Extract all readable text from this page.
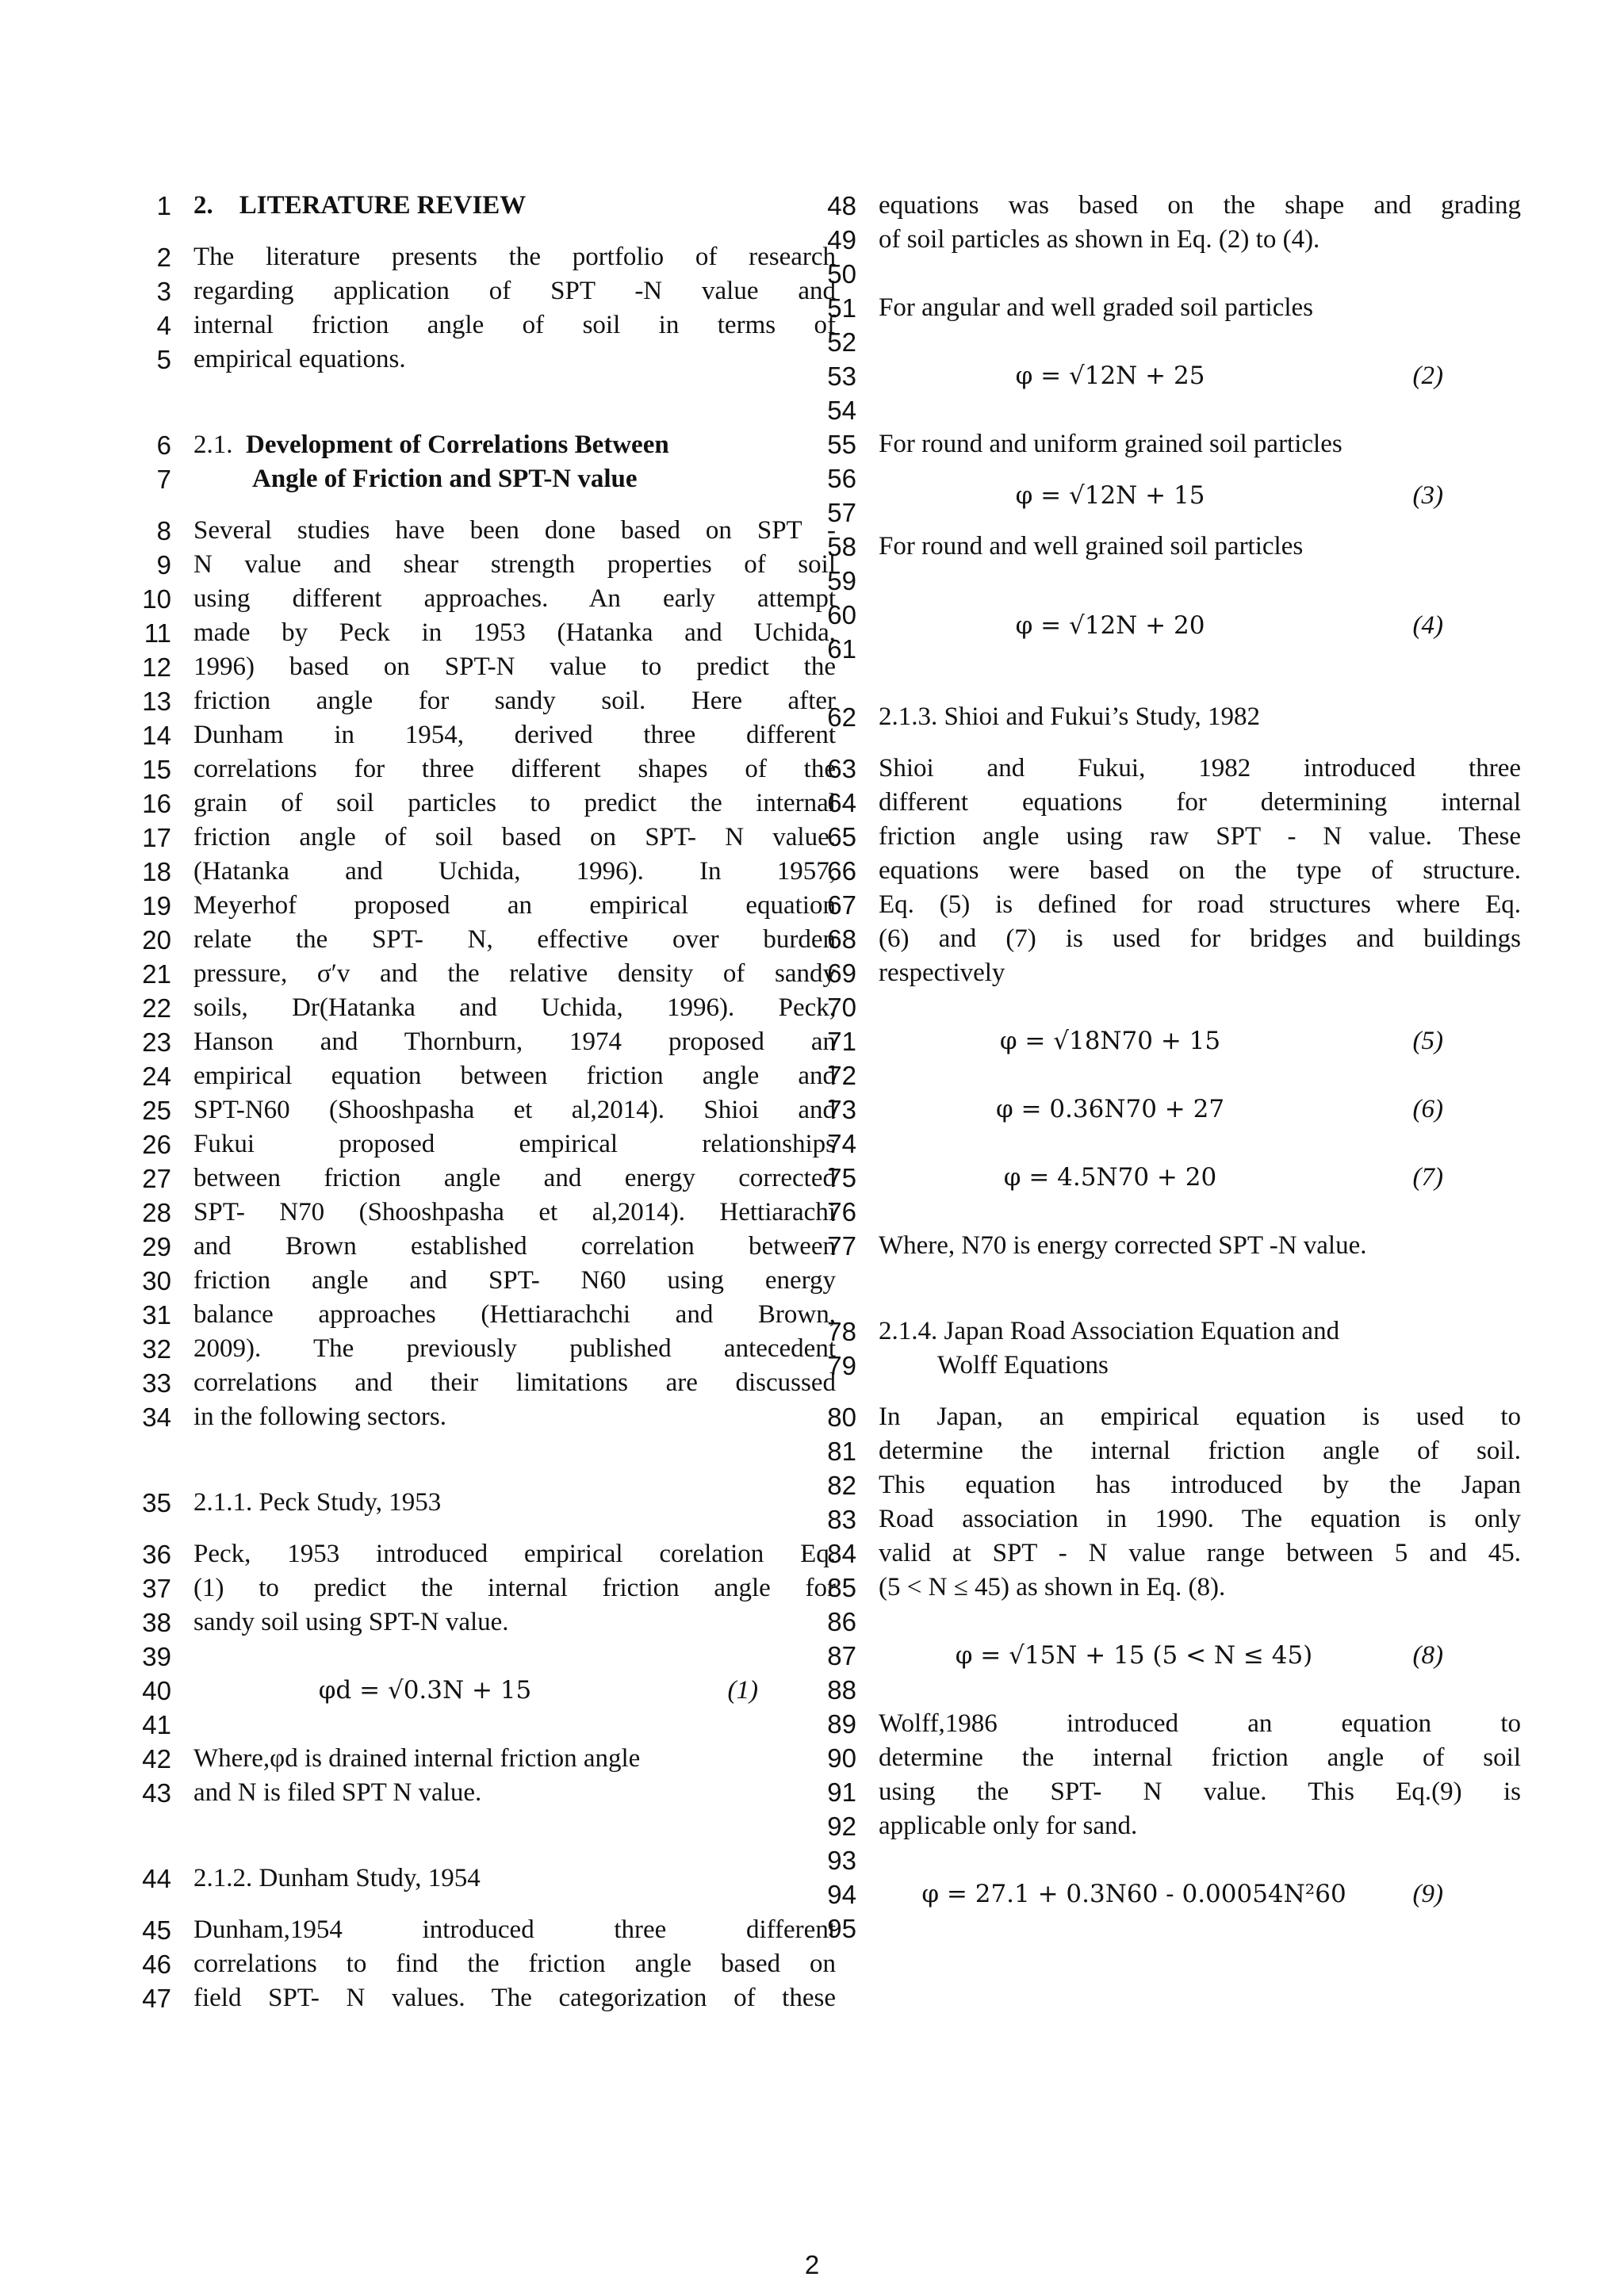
1 2. LITERATURE REVIEW
2 The literature presents the portfolio of research
3 regarding application of SPT -N value and
4 internal friction angle of soil in terms of
5 empirical equations.
6 2.1. Development of Correlations Between
7	Angle of Friction and SPT-N value
8 Several studies have been done based on SPT -
9 N value and shear strength properties of soil
10 using different approaches. An early attempt
11 made by Peck in 1953 (Hatanka and Uchida,
12 1996) based on SPT-N value to predict the
13 friction angle for sandy soil. Here after
14 Dunham in 1954, derived three different
15 correlations for three different shapes of the
16 grain of soil particles to predict the internal
17 friction angle of soil based on SPT- N value.
18 (Hatanka and Uchida, 1996). In 1957,
19 Meyerhof proposed an empirical equation
20 relate the SPT- N, effective over burden
21 pressure, σ′v and the relative density of sandy
22 soils, Dr(Hatanka and Uchida, 1996). Peck,
23 Hanson and Thornburn, 1974 proposed an
24 empirical equation between friction angle and
25 SPT-N60 (Shooshpasha et al,2014). Shioi and
26 Fukui proposed empirical relationships
27 between friction angle and energy corrected
28 SPT- N70 (Shooshpasha et al,2014). Hettiarachi
29 and Brown established correlation between
30 friction angle and SPT- N60 using energy
31 balance approaches (Hettiarachchi and Brown,
32 2009). The previously published antecedent
33 correlations and their limitations are discussed
34 in the following sectors.
35 2.1.1. Peck Study, 1953
36 Peck, 1953 introduced empirical corelation Eq.
37 (1) to predict the internal friction angle for
38 sandy soil using SPT-N value.
39
40	φd = √0.3N + 15	(1)
41
42 Where,φd is drained internal friction angle
43 and N is filed SPT N value.
44 2.1.2. Dunham Study, 1954
45 Dunham,1954 introduced three different
46 correlations to find the friction angle based on
47 field SPT- N values. The categorization of these
48 equations was based on the shape and grading
49 of soil particles as shown in Eq. (2) to (4).
50
51 For angular and well graded soil particles
52
53	φ = √12N + 25	(2)
54
55 For round and uniform grained soil particles
56
57
φ = √12N + 15	(3)
58 For round and well grained soil particles
59
60	φ = √12N + 20	(4)
61
62 2.1.3. Shioi and Fukui’s Study, 1982
63 Shioi and Fukui, 1982 introduced three
64 different equations for determining internal
65 friction angle using raw SPT - N value. These
66 equations were based on the type of structure.
67 Eq. (5) is defined for road structures where Eq.
68 (6) and (7) is used for bridges and buildings
69 respectively
70
71	φ = √18N70 + 15	(5)
72
73	φ = 0.36N70 + 27	(6)
74
75	φ = 4.5N70 + 20	(7)
76
77 Where, N70 is energy corrected SPT -N value.
78 2.1.4. Japan Road Association Equation and
79	Wolff Equations
80 In Japan, an empirical equation is used to
81 determine the internal friction angle of soil.
82 This equation has introduced by the Japan
83 Road association in 1990. The equation is only
84 valid at SPT - N value range between 5 and 45.
85 (5 < N ≤ 45) as shown in Eq. (8).
86
87	φ = √15N + 15 (5 < N ≤ 45)	(8)
88
89 Wolff,1986 introduced an equation to
90 determine the internal friction angle of soil
91 using the SPT- N value. This Eq.(9) is
92 applicable only for sand.
93
94	φ = 27.1 + 0.3N60 - 0.00054N²60	(9)
95
2
